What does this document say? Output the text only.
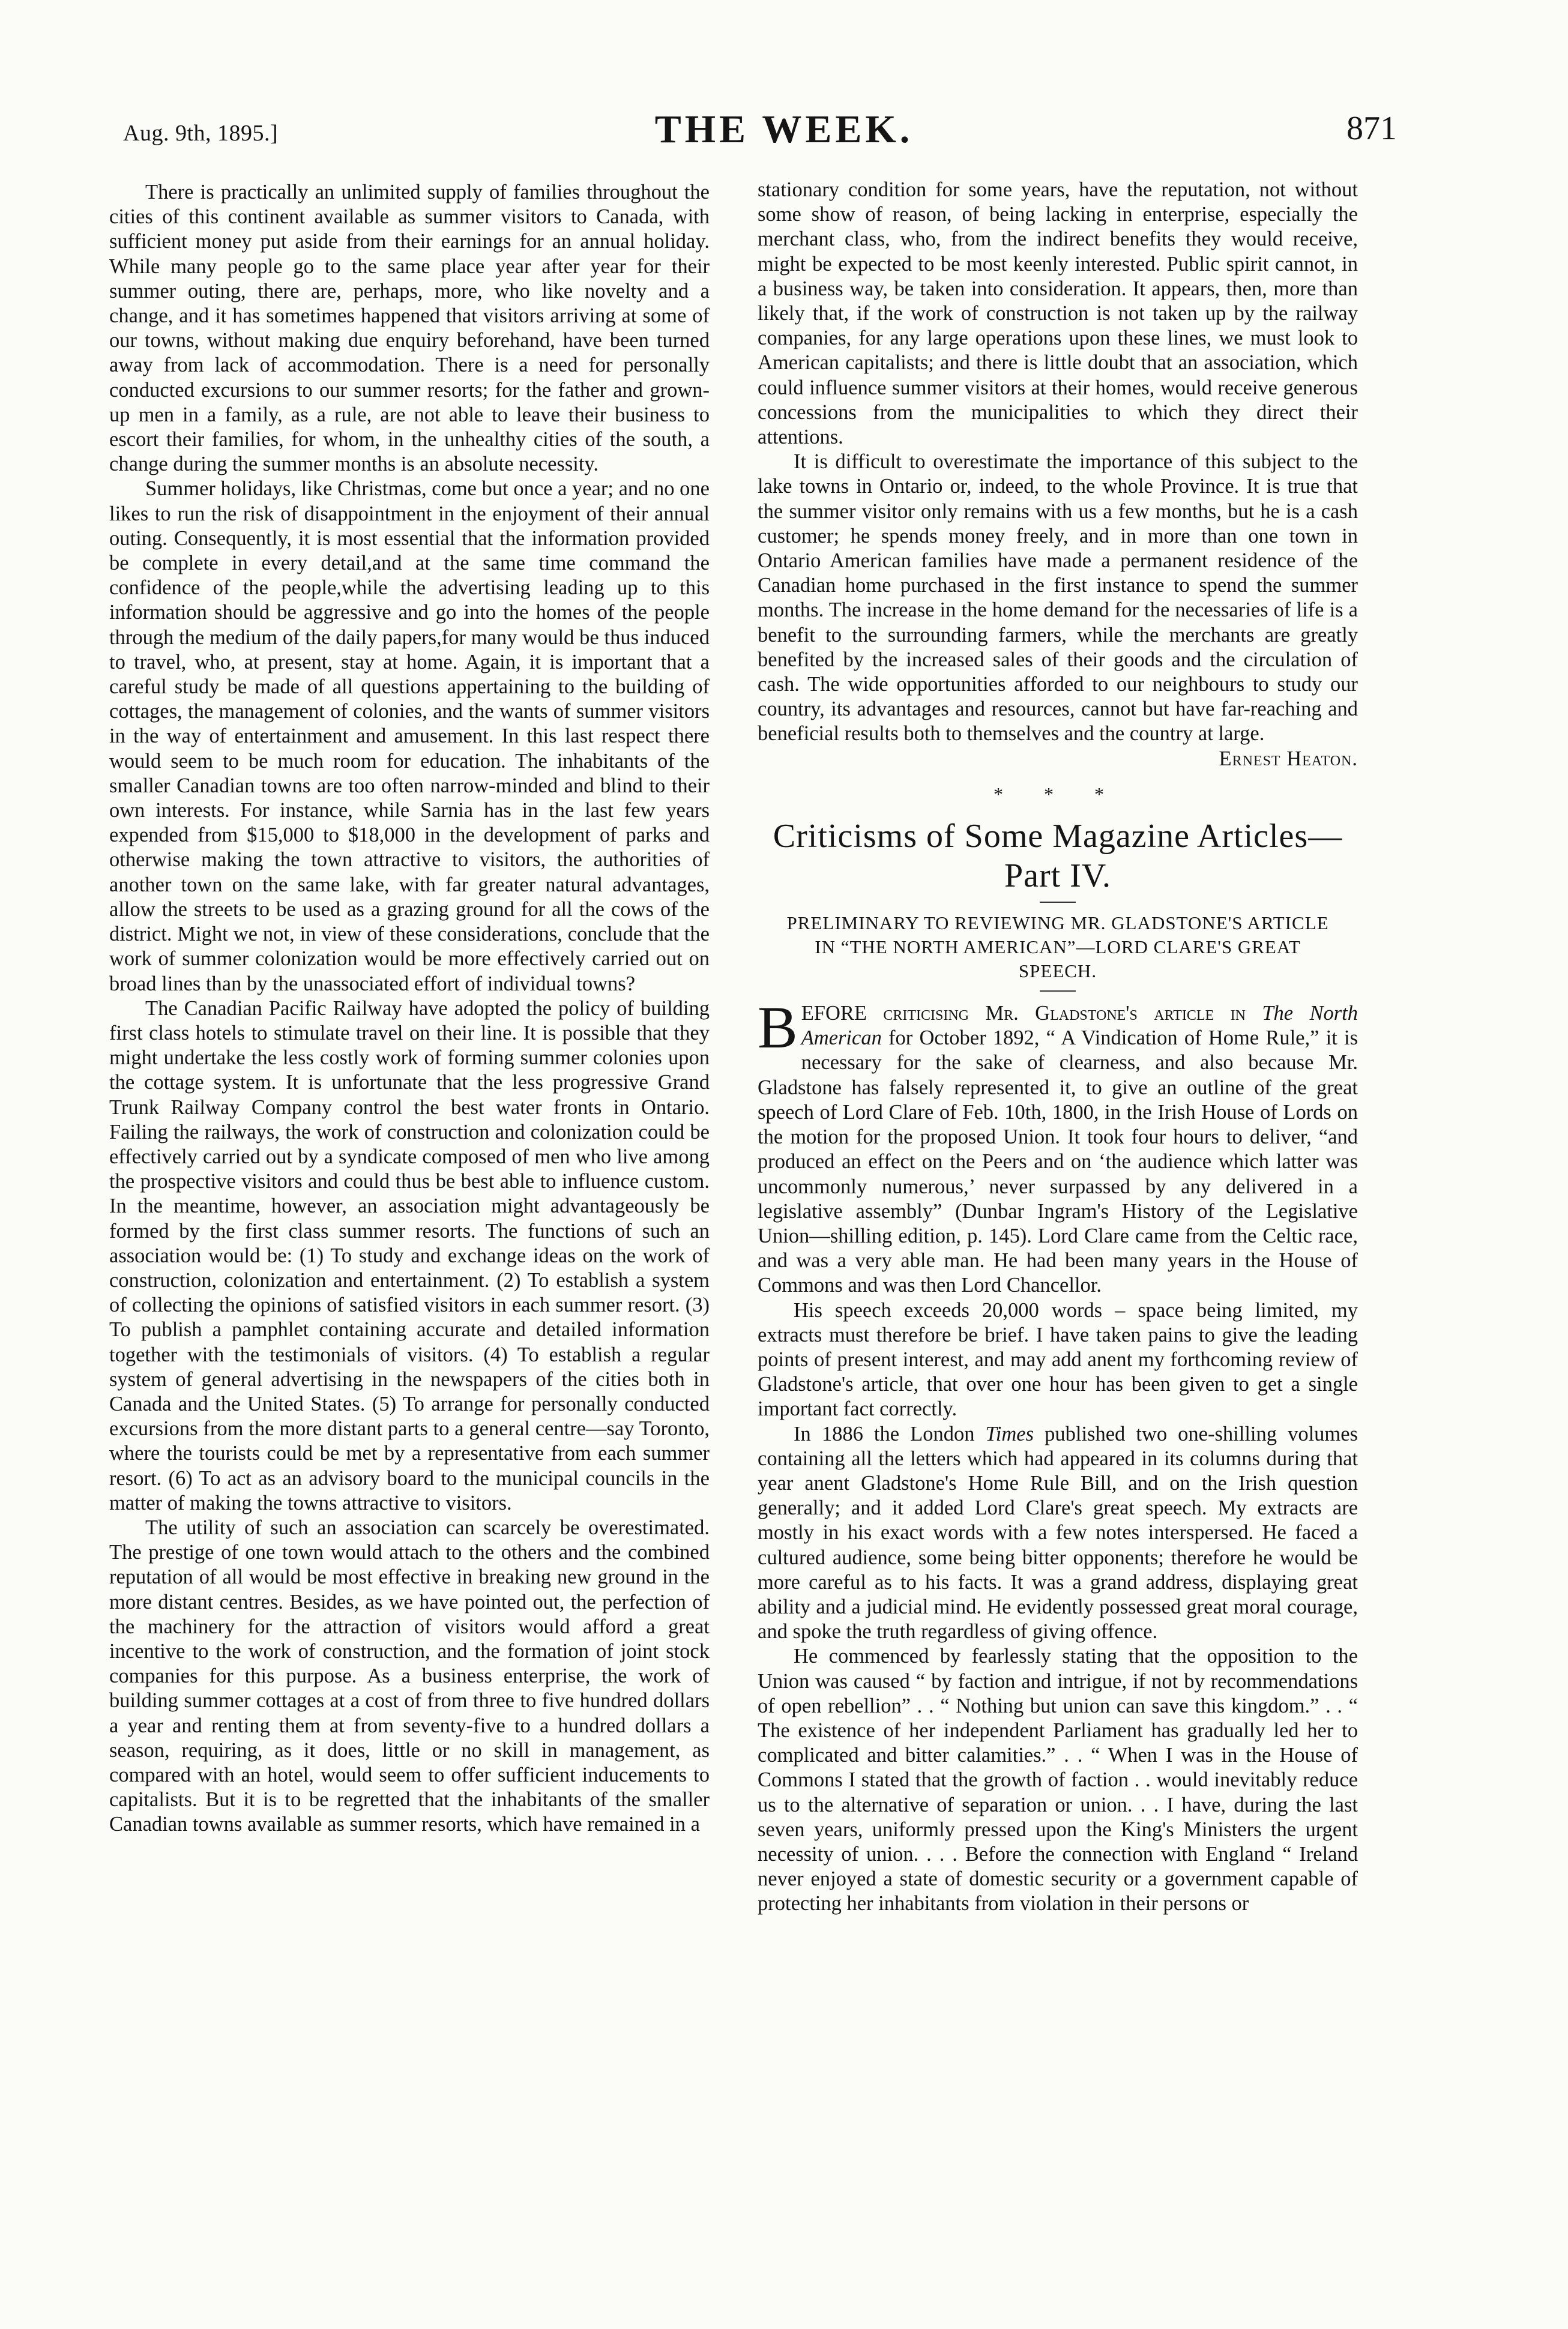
Aug. 9th, 1895.]	THE WEEK.	871

There is practically an unlimited supply of families throughout the cities of this continent available as summer visitors to Canada, with sufficient money put aside from their earnings for an annual holiday. While many people go to the same place year after year for their summer outing, there are, perhaps, more, who like novelty and a change, and it has sometimes happened that visitors arriving at some of our towns, without making due enquiry beforehand, have been turned away from lack of accommodation. There is a need for personally conducted excursions to our summer resorts; for the father and grown-up men in a family, as a rule, are not able to leave their business to escort their families, for whom, in the unhealthy cities of the south, a change during the summer months is an absolute necessity.

Summer holidays, like Christmas, come but once a year; and no one likes to run the risk of disappointment in the enjoyment of their annual outing. Consequently, it is most essential that the information provided be complete in every detail,and at the same time command the confidence of the people,while the advertising leading up to this information should be aggressive and go into the homes of the people through the medium of the daily papers,for many would be thus induced to travel, who, at present, stay at home. Again, it is important that a careful study be made of all questions appertaining to the building of cottages, the management of colonies, and the wants of summer visitors in the way of entertainment and amusement. In this last respect there would seem to be much room for education. The inhabitants of the smaller Canadian towns are too often narrow-minded and blind to their own interests. For instance, while Sarnia has in the last few years expended from $15,000 to $18,000 in the development of parks and otherwise making the town attractive to visitors, the authorities of another town on the same lake, with far greater natural advantages, allow the streets to be used as a grazing ground for all the cows of the district. Might we not, in view of these considerations, conclude that the work of summer colonization would be more effectively carried out on broad lines than by the unassociated effort of individual towns?

The Canadian Pacific Railway have adopted the policy of building first class hotels to stimulate travel on their line. It is possible that they might undertake the less costly work of forming summer colonies upon the cottage system. It is unfortunate that the less progressive Grand Trunk Railway Company control the best water fronts in Ontario. Failing the railways, the work of construction and colonization could be effectively carried out by a syndicate composed of men who live among the prospective visitors and could thus be best able to influence custom. In the meantime, however, an association might advantageously be formed by the first class summer resorts. The functions of such an association would be: (1) To study and exchange ideas on the work of construction, colonization and entertainment. (2) To establish a system of collecting the opinions of satisfied visitors in each summer resort. (3) To publish a pamphlet containing accurate and detailed information together with the testimonials of visitors. (4) To establish a regular system of general advertising in the newspapers of the cities both in Canada and the United States. (5) To arrange for personally conducted excursions from the more distant parts to a general centre—say Toronto, where the tourists could be met by a representative from each summer resort. (6) To act as an advisory board to the municipal councils in the matter of making the towns attractive to visitors.

The utility of such an association can scarcely be overestimated. The prestige of one town would attach to the others and the combined reputation of all would be most effective in breaking new ground in the more distant centres. Besides, as we have pointed out, the perfection of the machinery for the attraction of visitors would afford a great incentive to the work of construction, and the formation of joint stock companies for this purpose. As a business enterprise, the work of building summer cottages at a cost of from three to five hundred dollars a year and renting them at from seventy-five to a hundred dollars a season, requiring, as it does, little or no skill in management, as compared with an hotel, would seem to offer sufficient inducements to capitalists. But it is to be regretted that the inhabitants of the smaller Canadian towns available as summer resorts, which have remained in a

stationary condition for some years, have the reputation, not without some show of reason, of being lacking in enterprise, especially the merchant class, who, from the indirect benefits they would receive, might be expected to be most keenly interested. Public spirit cannot, in a business way, be taken into consideration. It appears, then, more than likely that, if the work of construction is not taken up by the railway companies, for any large operations upon these lines, we must look to American capitalists; and there is little doubt that an association, which could influence summer visitors at their homes, would receive generous concessions from the municipalities to which they direct their attentions.

It is difficult to overestimate the importance of this subject to the lake towns in Ontario or, indeed, to the whole Province. It is true that the summer visitor only remains with us a few months, but he is a cash customer; he spends money freely, and in more than one town in Ontario American families have made a permanent residence of the Canadian home purchased in the first instance to spend the summer months. The increase in the home demand for the necessaries of life is a benefit to the surrounding farmers, while the merchants are greatly benefited by the increased sales of their goods and the circulation of cash. The wide opportunities afforded to our neighbours to study our country, its advantages and resources, cannot but have far-reaching and beneficial results both to themselves and the country at large.

Ernest Heaton.

* * *
Criticisms of Some Magazine Articles—Part IV.
PRELIMINARY TO REVIEWING MR. GLADSTONE'S ARTICLE IN “THE NORTH AMERICAN”—LORD CLARE'S GREAT SPEECH.

BEFORE criticising Mr. Gladstone's article in The North American for October 1892, “ A Vindication of Home Rule,” it is necessary for the sake of clearness, and also because Mr. Gladstone has falsely represented it, to give an outline of the great speech of Lord Clare of Feb. 10th, 1800, in the Irish House of Lords on the motion for the proposed Union. It took four hours to deliver, “and produced an effect on the Peers and on ‘the audience which latter was uncommonly numerous,’ never surpassed by any delivered in a legislative assembly” (Dunbar Ingram's History of the Legislative Union—shilling edition, p. 145). Lord Clare came from the Celtic race, and was a very able man. He had been many years in the House of Commons and was then Lord Chancellor.

His speech exceeds 20,000 words – space being limited, my extracts must therefore be brief. I have taken pains to give the leading points of present interest, and may add anent my forthcoming review of Gladstone's article, that over one hour has been given to get a single important fact correctly.

In 1886 the London Times published two one-shilling volumes containing all the letters which had appeared in its columns during that year anent Gladstone's Home Rule Bill, and on the Irish question generally; and it added Lord Clare's great speech. My extracts are mostly in his exact words with a few notes interspersed. He faced a cultured audience, some being bitter opponents; therefore he would be more careful as to his facts. It was a grand address, displaying great ability and a judicial mind. He evidently possessed great moral courage, and spoke the truth regardless of giving offence.

He commenced by fearlessly stating that the opposition to the Union was caused “ by faction and intrigue, if not by recommendations of open rebellion” . . “ Nothing but union can save this kingdom.” . . “ The existence of her independent Parliament has gradually led her to complicated and bitter calamities.” . . “ When I was in the House of Commons I stated that the growth of faction . . would inevitably reduce us to the alternative of separation or union. . . I have, during the last seven years, uniformly pressed upon the King's Ministers the urgent necessity of union. . . . Before the connection with England “ Ireland never enjoyed a state of domestic security or a government capable of protecting her inhabitants from violation in their persons or
